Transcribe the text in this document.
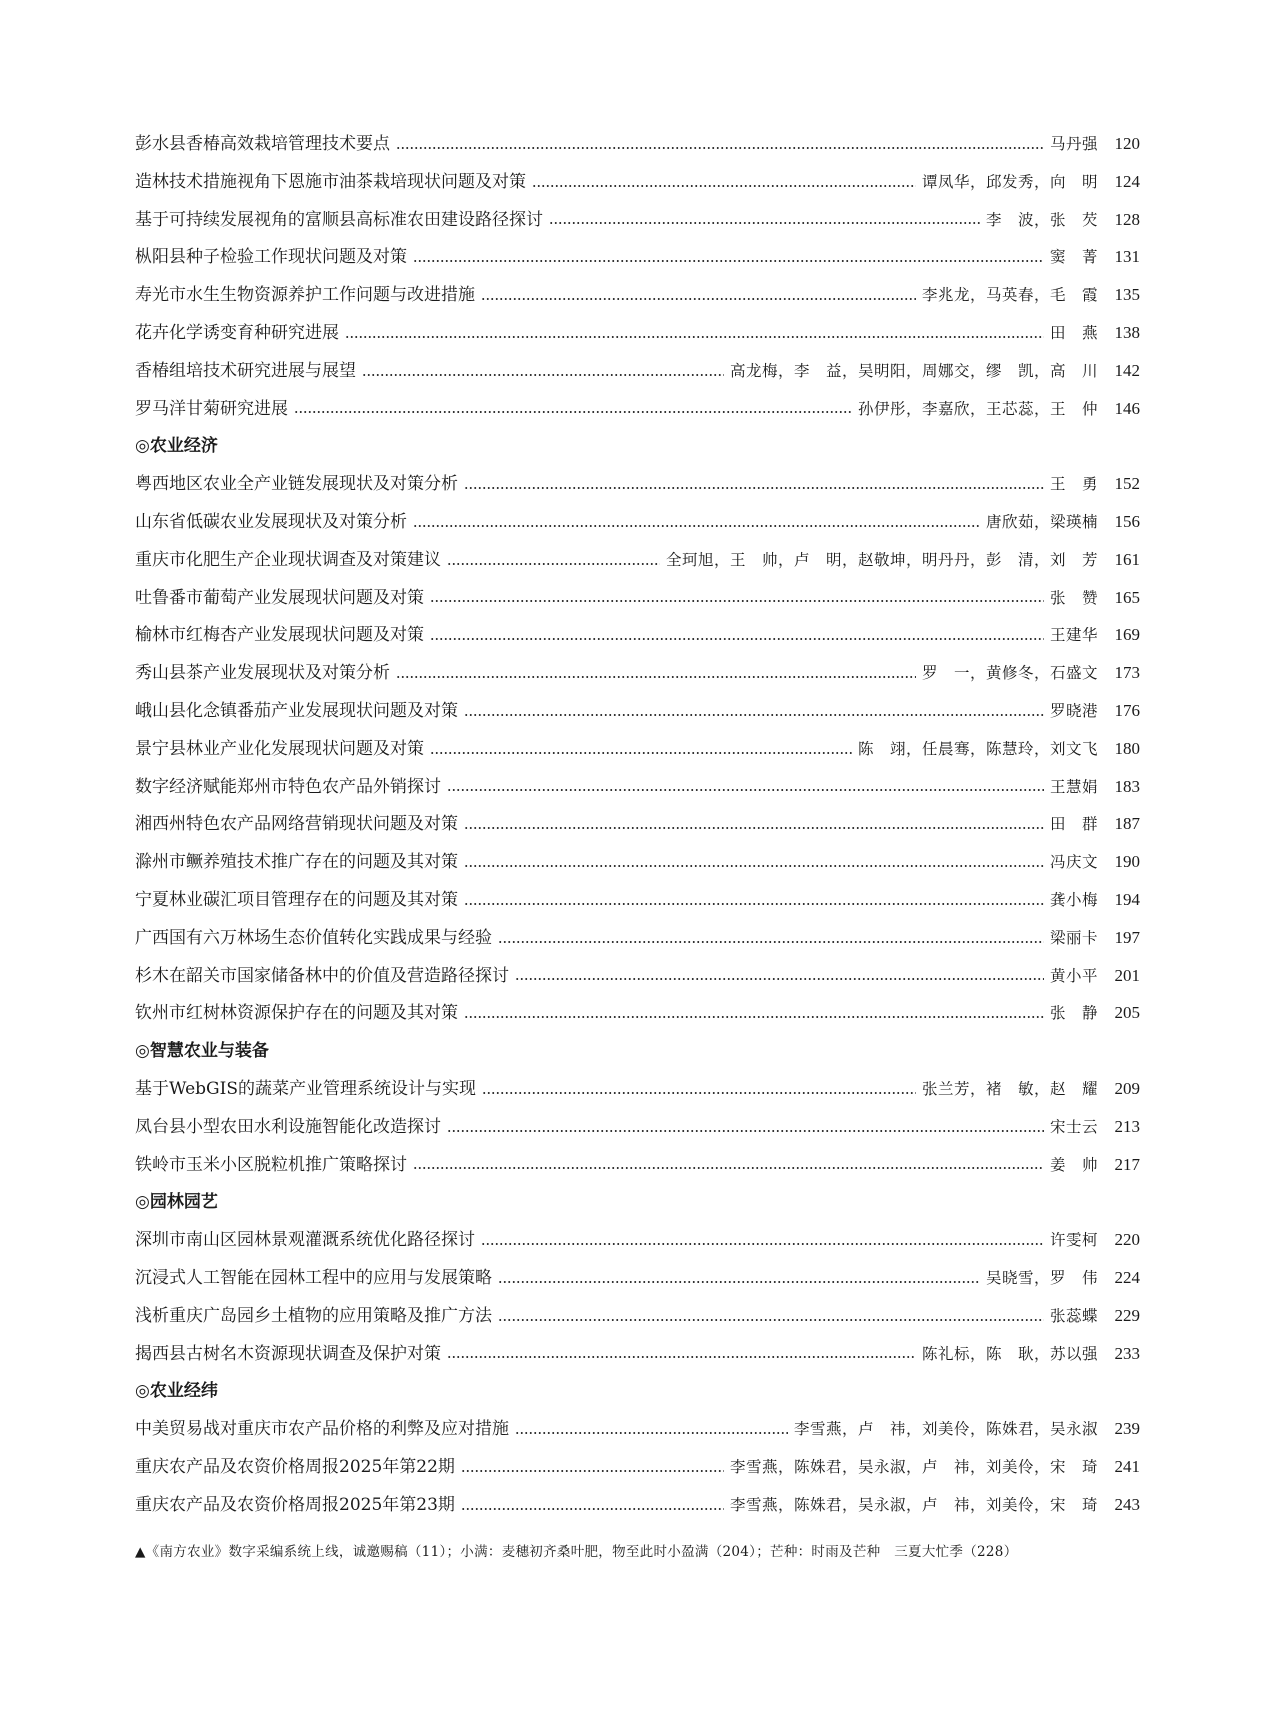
彭水县香椿高效栽培管理技术要点	马丹强 120
造林技术措施视角下恩施市油茶栽培现状问题及对策	谭凤华，邱发秀，向　明 124
基于可持续发展视角的富顺县高标准农田建设路径探讨	李　波，张　芡 128
枞阳县种子检验工作现状问题及对策	窦　菁 131
寿光市水生生物资源养护工作问题与改进措施	李兆龙，马英春，毛　霞 135
花卉化学诱变育种研究进展	田　燕 138
香椿组培技术研究进展与展望	高龙梅，李　益，吴明阳，周娜交，缪　凯，高　川 142
罗马洋甘菊研究进展	孙伊彤，李嘉欣，王芯蕊，王　仲 146
◎农业经济
粤西地区农业全产业链发展现状及对策分析	王　勇 152
山东省低碳农业发展现状及对策分析	唐欣茹，梁瑛楠 156
重庆市化肥生产企业现状调查及对策建议	全珂旭，王　帅，卢　明，赵敬坤，明丹丹，彭　清，刘　芳 161
吐鲁番市葡萄产业发展现状问题及对策	张　赞 165
榆林市红梅杏产业发展现状问题及对策	王建华 169
秀山县茶产业发展现状及对策分析	罗　一，黄修冬，石盛文 173
峨山县化念镇番茄产业发展现状问题及对策	罗晓港 176
景宁县林业产业化发展现状问题及对策	陈　翊，任晨骞，陈慧玲，刘文飞 180
数字经济赋能郑州市特色农产品外销探讨	王慧娟 183
湘西州特色农产品网络营销现状问题及对策	田　群 187
滁州市鳜养殖技术推广存在的问题及其对策	冯庆文 190
宁夏林业碳汇项目管理存在的问题及其对策	龚小梅 194
广西国有六万林场生态价值转化实践成果与经验	梁丽卡 197
杉木在韶关市国家储备林中的价值及营造路径探讨	黄小平 201
钦州市红树林资源保护存在的问题及其对策	张　静 205
◎智慧农业与装备
基于WebGIS的蔬菜产业管理系统设计与实现	张兰芳，褚　敏，赵　耀 209
凤台县小型农田水利设施智能化改造探讨	宋士云 213
铁岭市玉米小区脱粒机推广策略探讨	姜　帅 217
◎园林园艺
深圳市南山区园林景观灌溉系统优化路径探讨	许雯柯 220
沉浸式人工智能在园林工程中的应用与发展策略	吴晓雪，罗　伟 224
浅析重庆广岛园乡土植物的应用策略及推广方法	张蕊蝶 229
揭西县古树名木资源现状调查及保护对策	陈礼标，陈　耿，苏以强 233
◎农业经纬
中美贸易战对重庆市农产品价格的利弊及应对措施	李雪燕，卢　祎，刘美伶，陈姝君，吴永淑 239
重庆农产品及农资价格周报2025年第22期	李雪燕，陈姝君，吴永淑，卢　祎，刘美伶，宋　琦 241
重庆农产品及农资价格周报2025年第23期	李雪燕，陈姝君，吴永淑，卢　祎，刘美伶，宋　琦 243
▲《南方农业》数字采编系统上线，诚邀赐稿（11）；小满：麦穗初齐桑叶肥，物至此时小盈满（204）；芒种：时雨及芒种　三夏大忙季（228）
